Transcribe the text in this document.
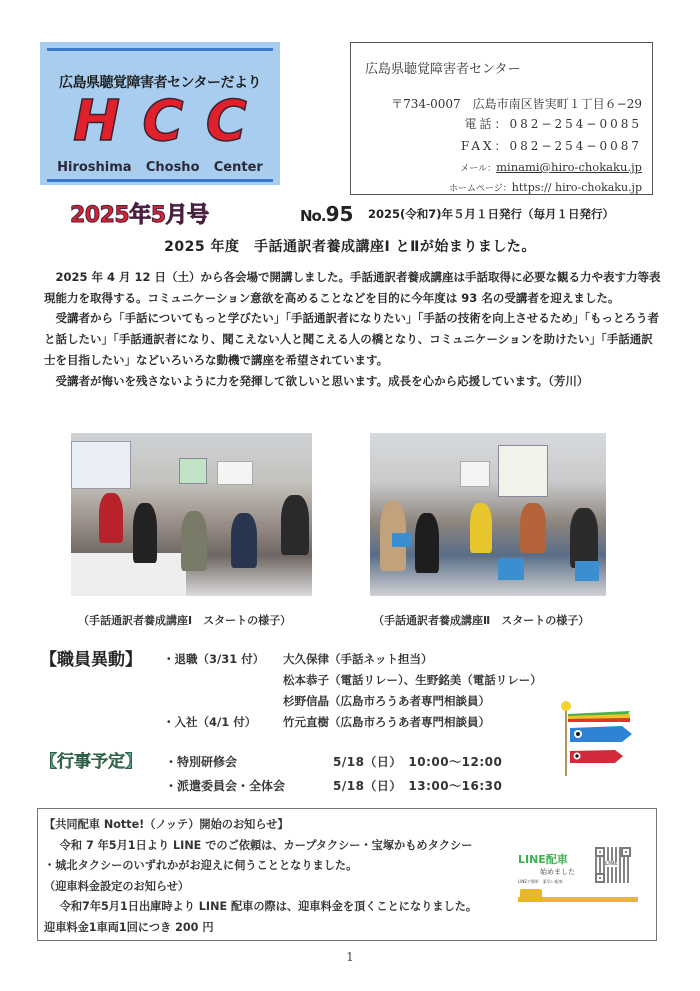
広島県聴覚障害者センターだより
H C C
Hiroshima Chosho Center
2025年5月号
広島県聴覚障害者センター
〒734-0007　広島市南区皆実町１丁目６−29
電話：082−254−0085
FAX：082−254−0087
メール：minami@hiro-chokaku.jp
ホームページ：https:// hiro-chokaku.jp
No.95 2025(令和7)年５月１日発行（毎月１日発行）
2025 年度　手話通訳者養成講座Ⅰ とⅡが始まりました。

2025 年 4 月 12 日（土）から各会場で開講しました。手話通訳者養成講座は手話取得に必要な観る力や表す力等表現能力を取得する。コミュニケーション意欲を高めることなどを目的に今年度は 93 名の受講者を迎えました。

受講者から「手話についてもっと学びたい」「手話通訳者になりたい」「手話の技術を向上させるため」「もっとろう者と話したい」「手話通訳者になり、聞こえない人と聞こえる人の橋となり、コミュニケーションを助けたい」「手話通訳士を目指したい」などいろいろな動機で講座を希望されています。

受講者が悔いを残さないように力を発揮して欲しいと思います。成長を心から応援しています。（芳川）

（手話通訳者養成講座Ⅰ　スタートの様子）	（手話通訳者養成講座Ⅱ　スタートの様子）
【職員異動】 ・退職（3/31 付） 大久保律（手話ネット担当）
松本恭子（電話リレー）、生野銘美（電話リレー）
杉野信晶（広島市ろうあ者専門相談員）
・入社（4/1 付） 竹元直樹（広島市ろうあ者専門相談員）
【行事予定】 ・特別研修会	5/18（日）　10:00〜12:00
・派遣委員会・全体会	5/18（日）　13:00〜16:30
【共同配車 Notte!（ノッテ）開始のお知らせ】
令和 7 年5月1日より LINE でのご依頼は、カープタクシー・宝塚かもめタクシー
・城北タクシーのいずれかがお迎えに伺うこととなりました。
（迎車料金設定のお知らせ）
令和7年5月1日出庫時より LINE 配車の際は、迎車料金を頂くことになりました。
迎車料金1車両1回につき 200 円
LINE配車
始めました
LINEで簡単　素早い配車
LINE
1
